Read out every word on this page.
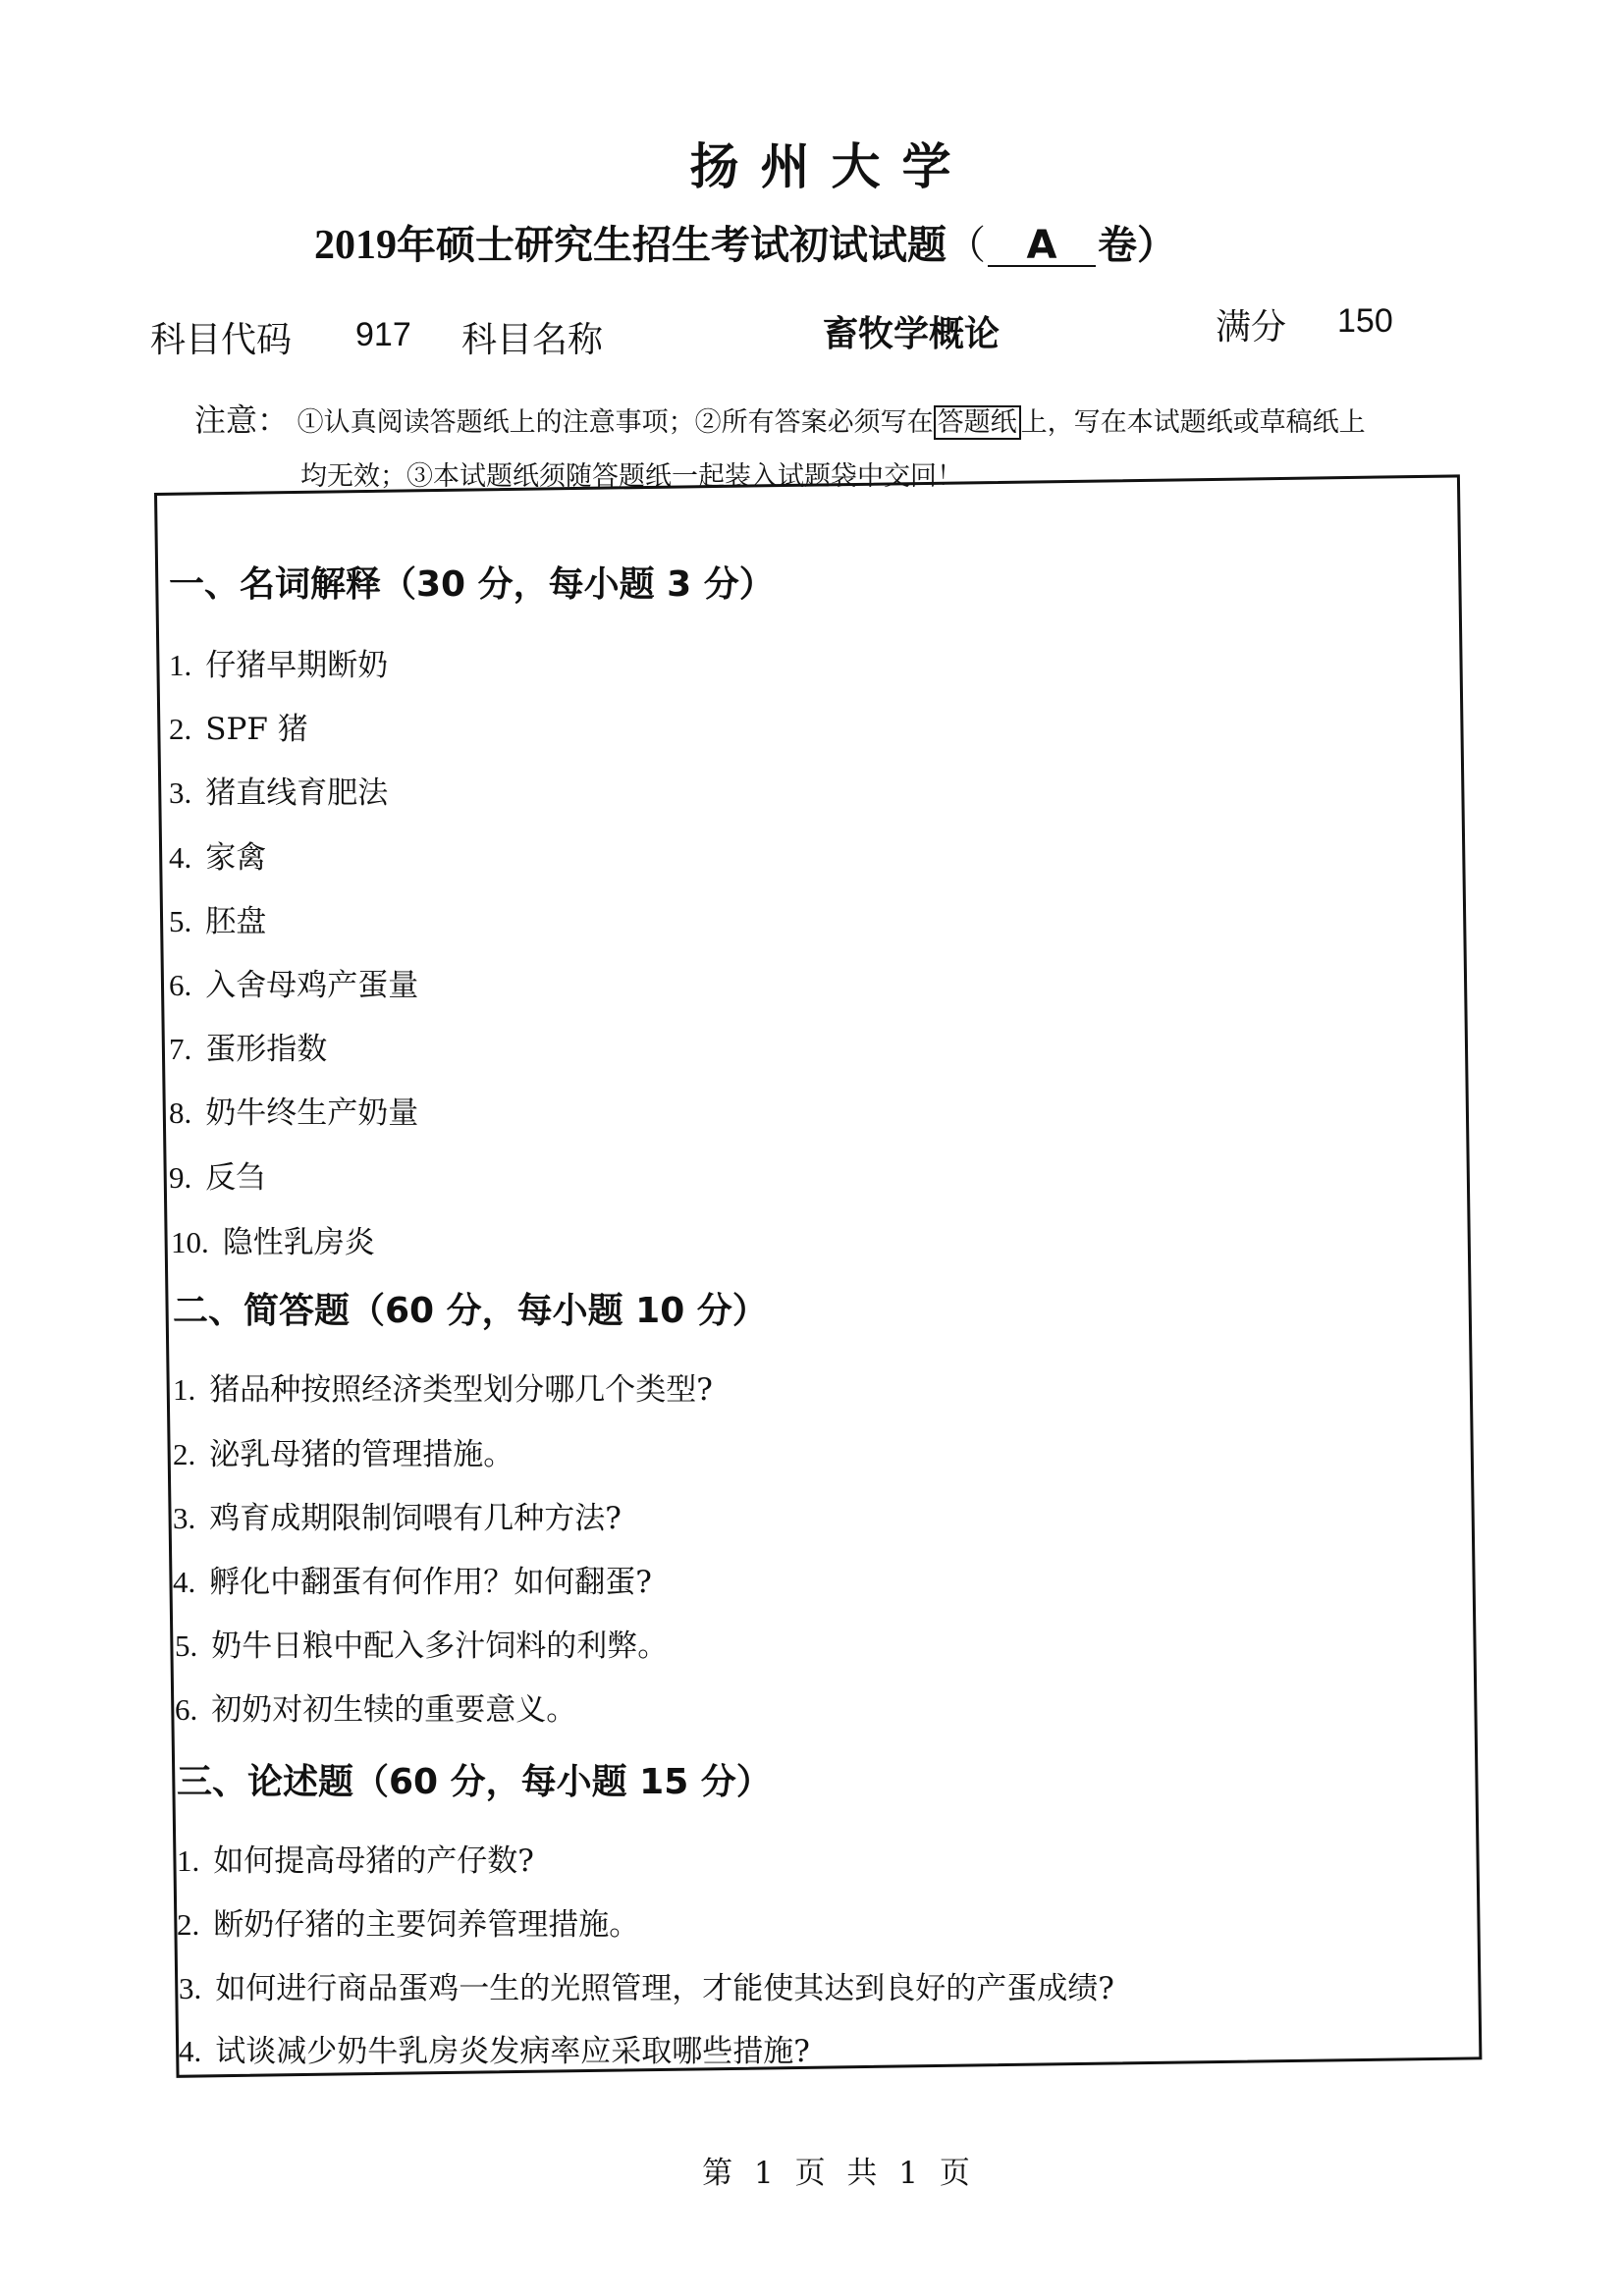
扬州大学
2019年硕士研究生招生考试初试试题（ A 卷）
科目代码 917 科目名称	畜牧学概论	满分 150
注意： ①认真阅读答题纸上的注意事项；②所有答案必须写在 答题纸 上，写在本试题纸或草稿纸上
均无效；③本试题纸须随答题纸一起装入试题袋中交回！
一、名词解释（30 分，每小题 3 分）
1. 仔猪早期断奶
2. SPF 猪
3. 猪直线育肥法
4. 家禽
5. 胚盘
6. 入舍母鸡产蛋量
7. 蛋形指数
8. 奶牛终生产奶量
9. 反刍
10. 隐性乳房炎
二、简答题（60 分，每小题 10 分）
1. 猪品种按照经济类型划分哪几个类型?
2. 泌乳母猪的管理措施。
3. 鸡育成期限制饲喂有几种方法?
4. 孵化中翻蛋有何作用？如何翻蛋?
5. 奶牛日粮中配入多汁饲料的利弊。
6. 初奶对初生犊的重要意义。
三、论述题（60 分，每小题 15 分）
1. 如何提高母猪的产仔数?
2. 断奶仔猪的主要饲养管理措施。
3. 如何进行商品蛋鸡一生的光照管理，才能使其达到良好的产蛋成绩?
4. 试谈减少奶牛乳房炎发病率应采取哪些措施?
第 1 页 共 1 页
